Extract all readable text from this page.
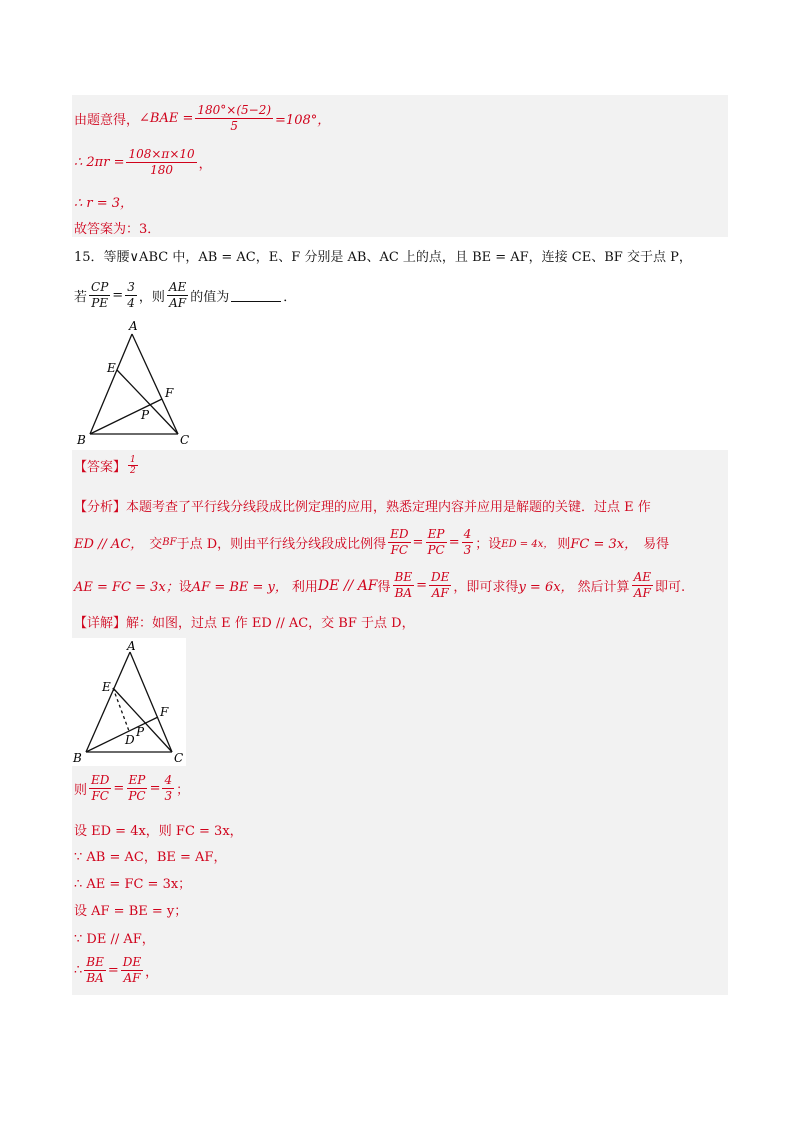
由题意得， ∠BAE = $\frac{180^\circ\times(5-2)}{5} =108^\circ$，
∴ $2\pi r = \frac{108\times\pi\times 10}{180}$ ，
∴ r = 3，
故答案为：3．
15．等腰∨ABC 中，AB = AC，E、F 分别是 AB、AC 上的点，且 BE = AF，连接 CE、BF 交于点 P，
若 $\frac{CP}{PE} = \frac{3}{4}$ ，则 $\frac{AE}{AF}$ 的值为	．
A
B	C
E
F
P
【答案】 $\frac{1}{2}$
【分析】 本题考查了平行线分线段成比例定理的应用，熟悉定理内容并应用是解题的关键．过点 E 作
ED // AC， 交 BF 于点 D，则由平行线分线段成比例得 $\frac{ED}{FC} = \frac{EP}{PC} = \frac{4}{3}$ ；设 ED = 4x， 则 FC = 3x， 易得
AE = FC = 3x； 设 AF = BE = y， 利用 DE // AF 得 $\frac{BE}{BA} = \frac{DE}{AF}$ ，即可求得 y = 6x， 然后计算 $\frac{AE}{AF}$ 即可.
【详解】 解：如图，过点 E 作 ED // AC，交 BF 于点 D，
A
B	C
E
F
P
D
则 $\frac{ED}{FC} = \frac{EP}{PC} = \frac{4}{3}$ ；
设 ED = 4x，则 FC = 3x，
∵ AB = AC，BE = AF，
∴ AE = FC = 3x；
设 AF = BE = y；
∵ DE // AF，
∴ $\frac{BE}{BA} = \frac{DE}{AF}$ ，
